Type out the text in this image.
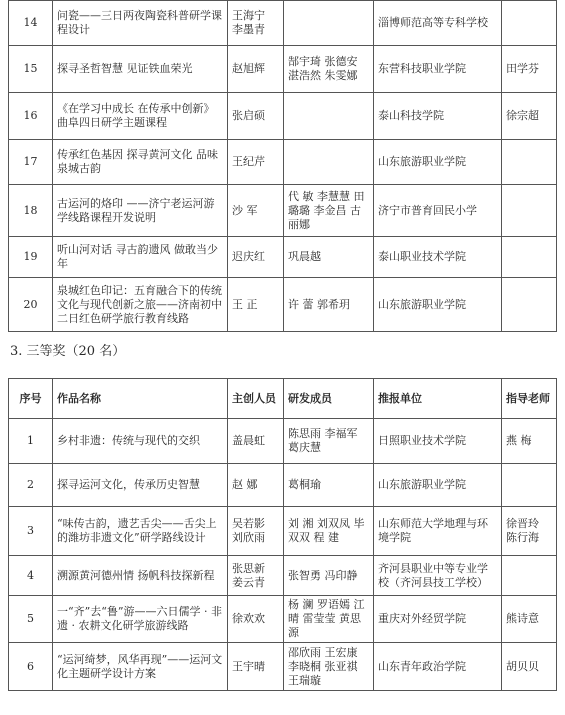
14	问瓷——三日两夜陶瓷科普研学课程设计	王海宁 李墨青		淄博师范高等专科学校	
15	探寻圣哲智慧 见证铁血荣光	赵旭辉	郜宇琦 张德安 湛浩然 朱雯娜	东营科技职业学院	田学芬
16	《在学习中成长 在传承中创新》曲阜四日研学主题课程	张启硕		泰山科技学院	徐宗超
17	传承红色基因 探寻黄河文化 品味泉城古韵	王纪芹		山东旅游职业学院	
18	古运河的烙印 ——济宁老运河游学线路课程开发说明	沙 军	代 敏 李慧慧 田璐璐 李金昌 古丽娜	济宁市普育回民小学	
19	听山河对话 寻古韵遗风 做敢当少年	迟庆红	巩晨越	泰山职业技术学院	
20	泉城红色印记：五育融合下的传统文化与现代创新之旅——济南初中二日红色研学旅行教育线路	王 正	许 蕾 郭希玥	山东旅游职业学院	
3. 三等奖（20 名）
序号	作品名称	主创人员	研发成员	推报单位	指导老师
1	乡村非遗：传统与现代的交织	盖晨虹	陈思雨 李福军 葛庆慧	日照职业技术学院	燕 梅
2	探寻运河文化，传承历史智慧	赵 娜	葛桐瑜	山东旅游职业学院	
3	“味传古韵，遗艺舌尖——舌尖上的潍坊非遗文化”研学路线设计	吴若影 刘欣雨	刘 湘 刘双凤 毕双双 程 建	山东师范大学地理与环境学院	徐晋玲 陈行海
4	溯源黄河德州情 扬帆科技探新程	张思新 姜云青	张智勇 冯印静	齐河县职业中等专业学校（齐河县技工学校）	
5	一“齐”去“鲁”游——六日儒学 · 非遗 · 农耕文化研学旅游线路	徐欢欢	杨 澜 罗语嫣 江 晴 雷莹莹 黄思源	重庆对外经贸学院	熊诗意
6	“运河绮梦，风华再现”——运河文化主题研学设计方案	王宇晴	邵欣雨 王宏康 李晓桐 张亚祺 王瑞璇	山东青年政治学院	胡贝贝
